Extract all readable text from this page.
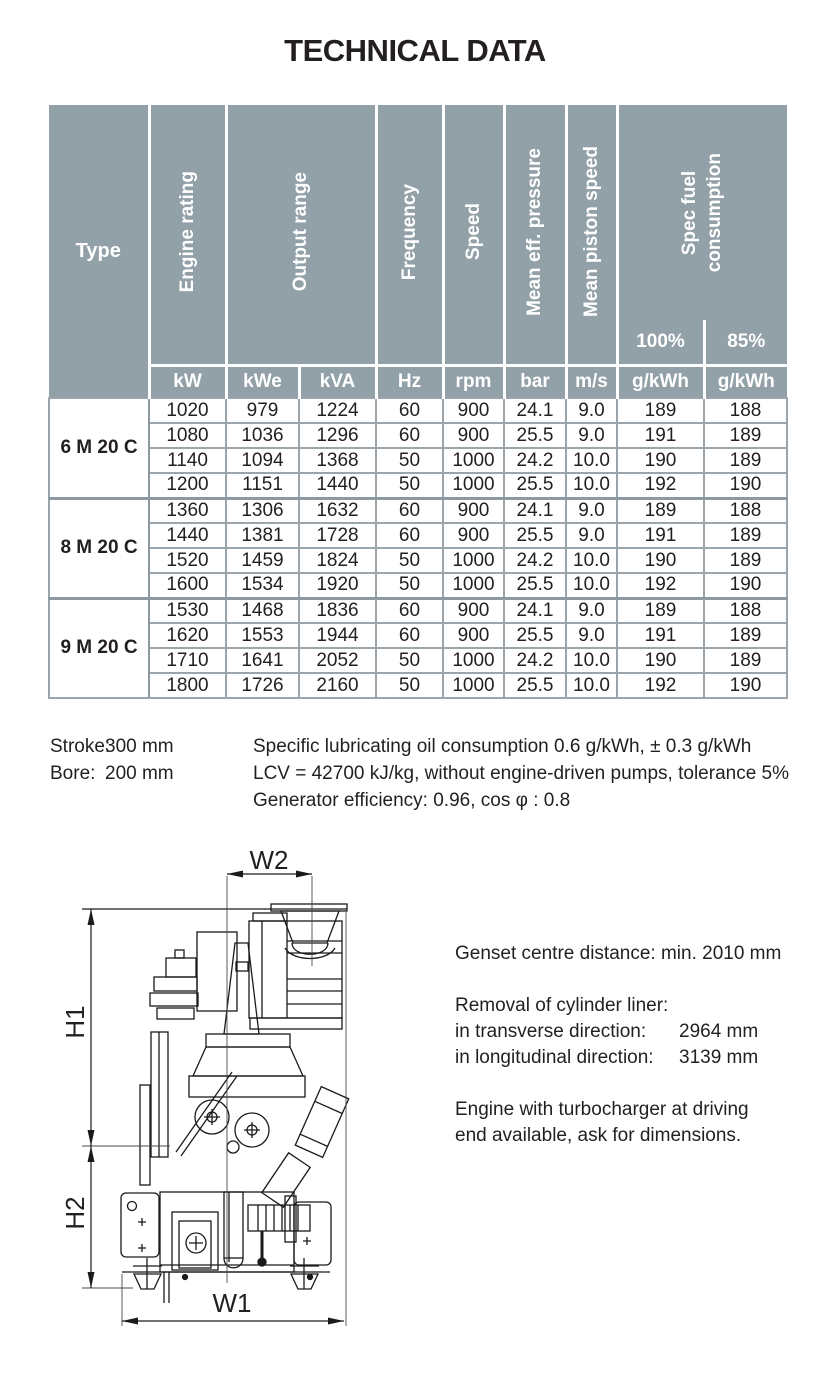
TECHNICAL DATA
Type	Engine rating	Output range		Frequency	Speed	Mean eff. pressure	Mean piston speed	Spec fuel consumption	

								100%	85%
	kW	kWe	kVA	Hz	rpm	bar	m/s	g/kWh	g/kWh
6 M 20 C	1020	979	1224	60	900	24.1	9.0	189	188
	1080	1036	1296	60	900	25.5	9.0	191	189
	1140	1094	1368	50	1000	24.2	10.0	190	189
	1200	1151	1440	50	1000	25.5	10.0	192	190
8 M 20 C	1360	1306	1632	60	900	24.1	9.0	189	188
	1440	1381	1728	60	900	25.5	9.0	191	189
	1520	1459	1824	50	1000	24.2	10.0	190	189
	1600	1534	1920	50	1000	25.5	10.0	192	190
9 M 20 C	1530	1468	1836	60	900	24.1	9.0	189	188
	1620	1553	1944	60	900	25.5	9.0	191	189
	1710	1641	2052	50	1000	24.2	10.0	190	189
	1800	1726	2160	50	1000	25.5	10.0	192	190
Stroke:300 mm
Bore: 200 mm
Specific lubricating oil consumption 0.6 g/kWh, ± 0.3 g/kWh
LCV = 42700 kJ/kg, without engine-driven pumps, tolerance 5%
Generator efficiency: 0.96, cos φ : 0.8
W2
H1
H2
W1
Genset centre distance: min. 2010 mm
Removal of cylinder liner:
in transverse direction: 2964 mm
in longitudinal direction: 3139 mm
Engine with turbocharger at driving
end available, ask for dimensions.
